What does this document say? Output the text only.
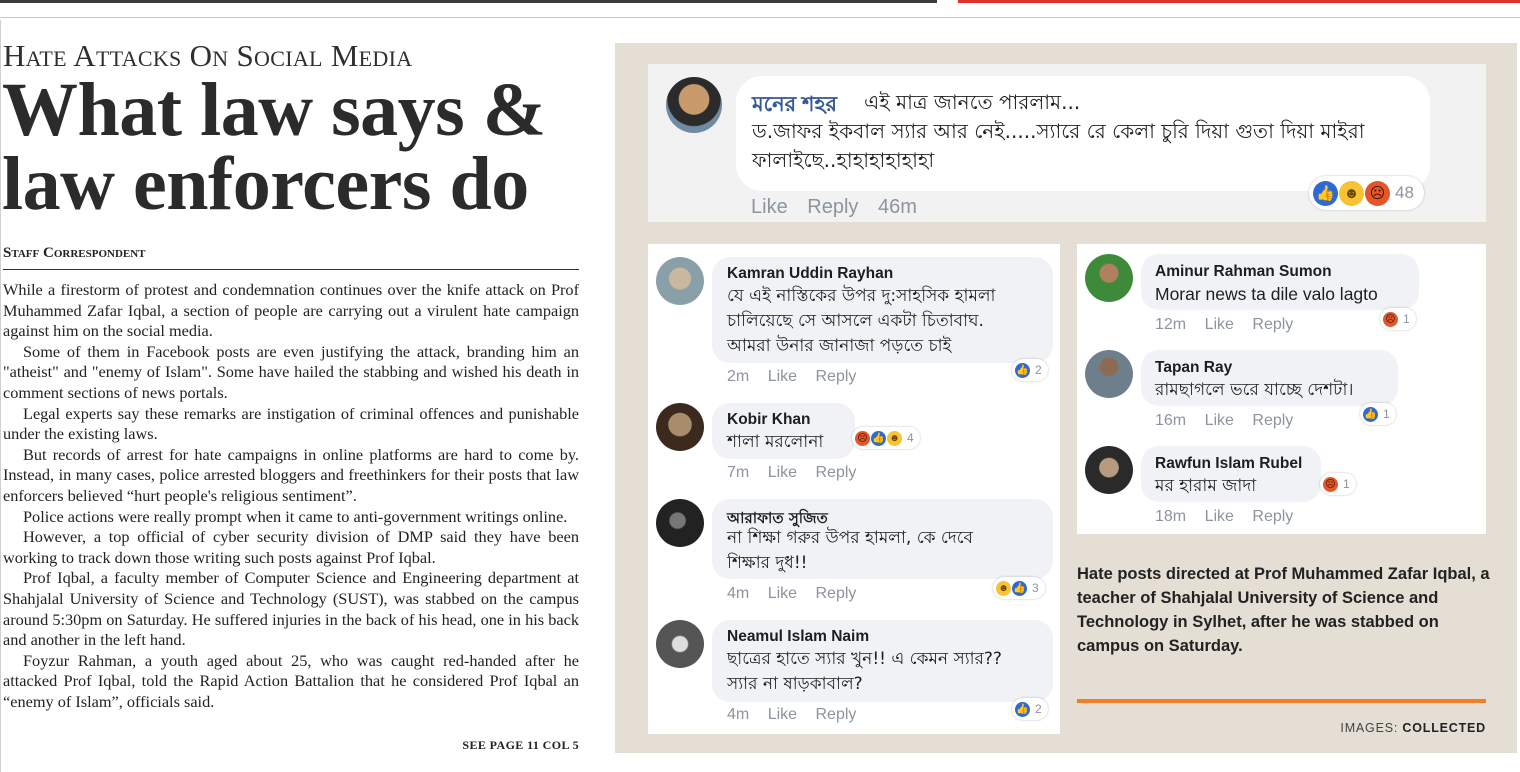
Hate Attacks On Social Media
What law says & law enforcers do
Staff Correspondent

While a firestorm of protest and condemnation continues over the knife attack on Prof Muhammed Zafar Iqbal, a section of people are carrying out a virulent hate campaign against him on the social media.

Some of them in Facebook posts are even justifying the attack, branding him an "atheist" and "enemy of Islam". Some have hailed the stabbing and wished his death in comment sections of news portals.

Legal experts say these remarks are instigation of criminal offences and punishable under the existing laws.

But records of arrest for hate campaigns in online platforms are hard to come by. Instead, in many cases, police arrested bloggers and freethinkers for their posts that law enforcers believed “hurt people's religious sentiment”.

Police actions were really prompt when it came to anti-government writings online.

However, a top official of cyber security division of DMP said they have been working to track down those writing such posts against Prof Iqbal.

Prof Iqbal, a faculty member of Computer Science and Engineering department at Shahjalal University of Science and Technology (SUST), was stabbed on the campus around 5:30pm on Saturday. He suffered injuries in the back of his head, one in his back and another in the left hand.

Foyzur Rahman, a youth aged about 25, who was caught red-handed after he attacked Prof Iqbal, told the Rapid Action Battalion that he considered Prof Iqbal an “enemy of Islam”, officials said.

SEE PAGE 11 COL 5
মনের শহর	এই মাত্র জানতে পারলাম...
ড.জাফর ইকবাল স্যার আর নেই.....স্যারে রে কেলা চুরি দিয়া গুতা দিয়া মাইরা ফালাইছে..হাহাহাহাহাহা
Like Reply 46m
👍 ☻ ☹ 48
Kamran Uddin Rayhan
যে এই নাস্তিকের উপর দু:সাহসিক হামলা
চালিয়েছে সে আসলে একটা চিতাবাঘ.
আমরা উনার জানাজা পড়তে চাই
2m Like Reply	👍 2
Kobir Khan
শালা মরলোনা
7m Like Reply
☹ 👍 ☻ 4
আরাফাত সুজিত
না শিক্ষা গরুর উপর হামলা, কে দেবে
শিক্ষার দুধ!!
4m Like Reply	☻ 👍 3
Neamul Islam Naim
ছাত্রের হাতে স্যার খুন!! এ কেমন স্যার??
স্যার না ষাড়কাবাল?
4m Like Reply	👍 2
Aminur Rahman Sumon
Morar news ta dile valo lagto
12m Like Reply	☹ 1
Tapan Ray
রামছাগলে ভরে যাচ্ছে দেশটা।
16m Like Reply	👍 1
Rawfun Islam Rubel
মর হারাম জাদা
18m Like Reply
☹ 1
Hate posts directed at Prof Muhammed Zafar Iqbal, a teacher of Shahjalal University of Science and Technology in Sylhet, after he was stabbed on campus on Saturday.
IMAGES: COLLECTED
